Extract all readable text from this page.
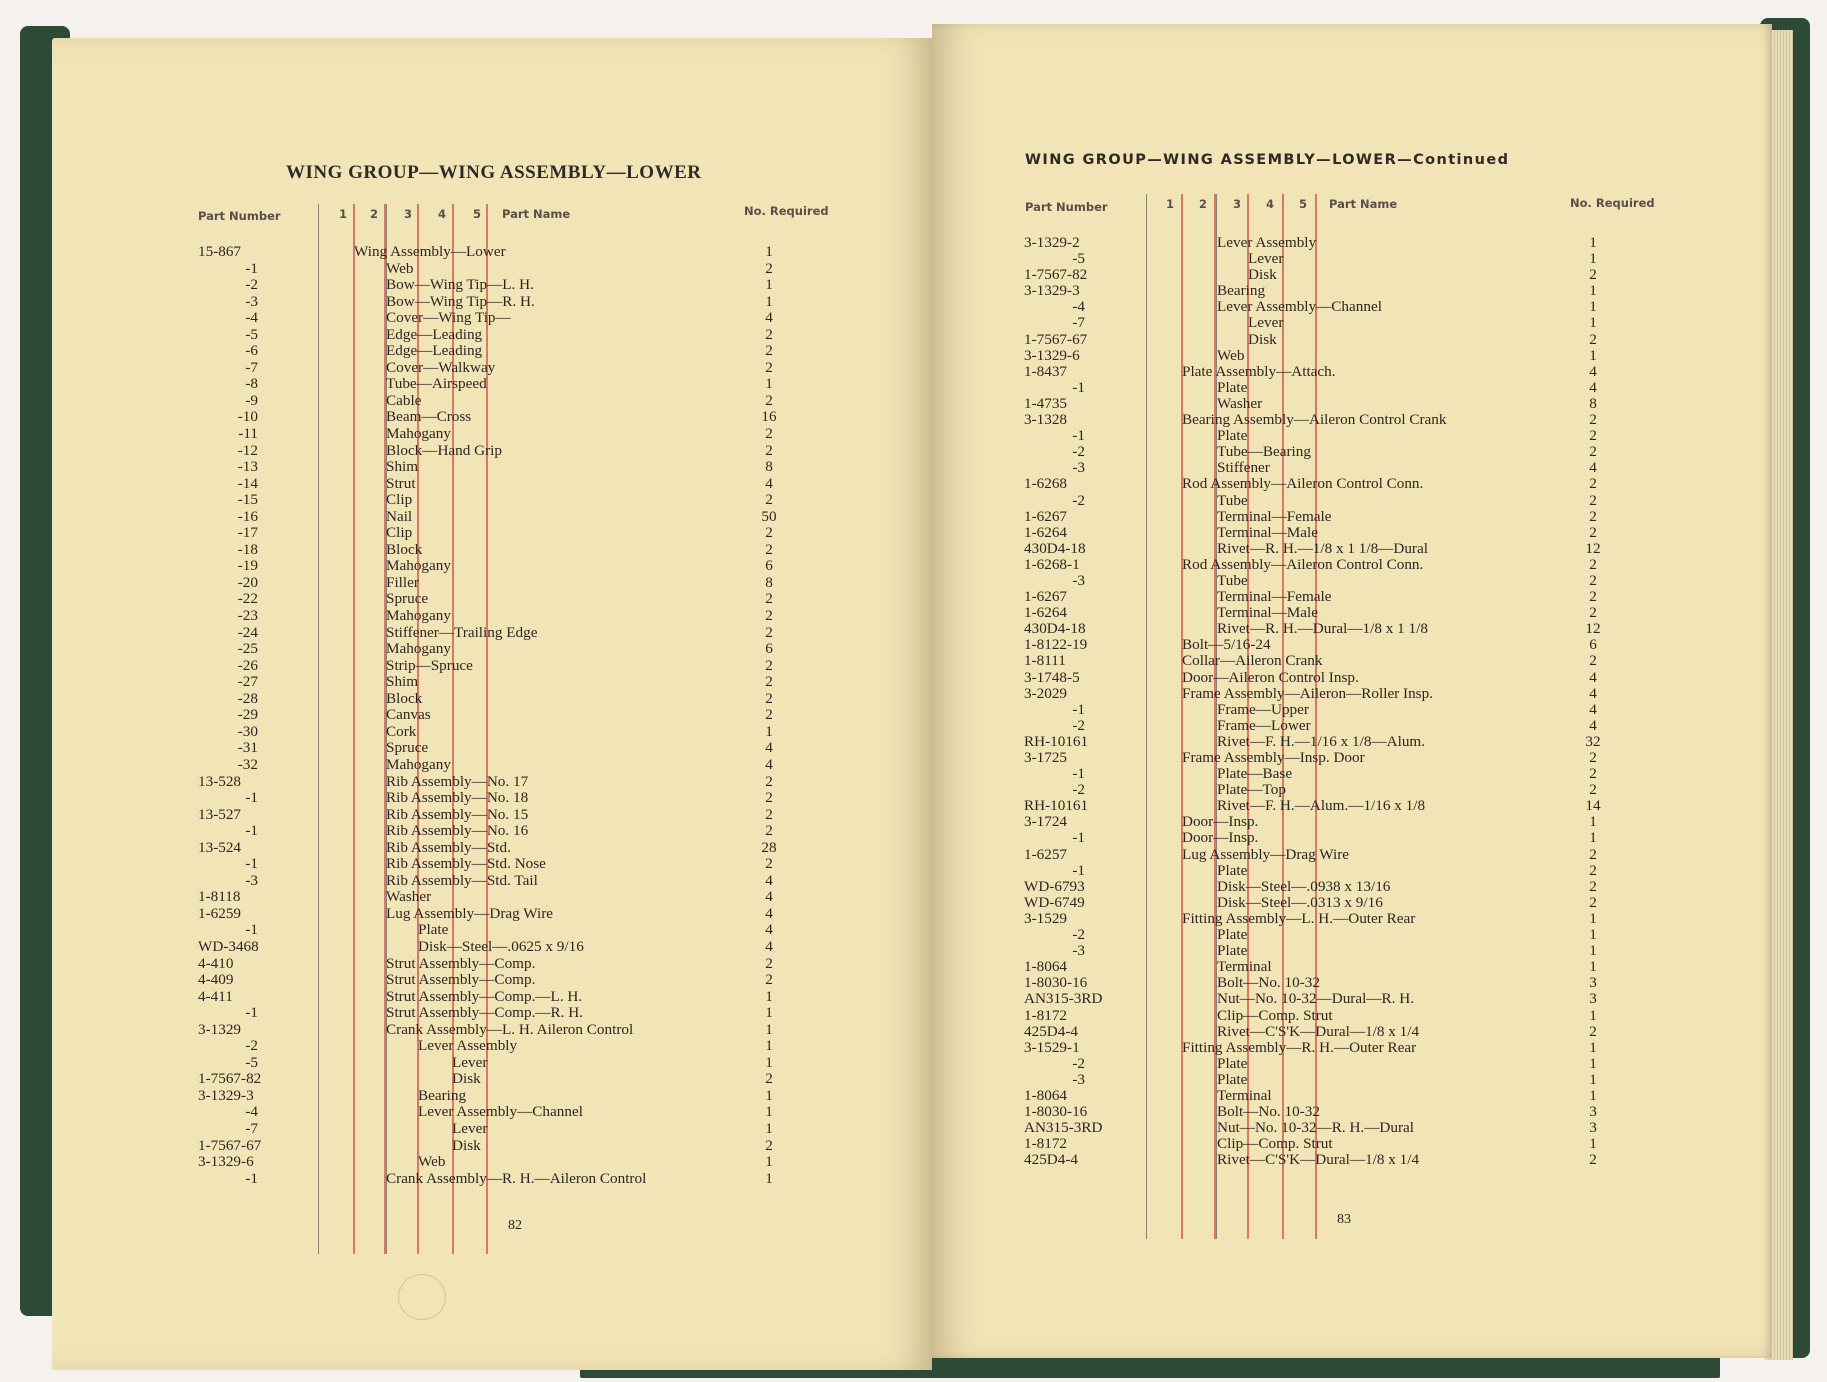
WING GROUP—WING ASSEMBLY—LOWER
Part Number	1 2 3 4 5 Part Name	No. Required
15-867	Wing Assembly—Lower	1
-1	Web	2
-2	Bow—Wing Tip—L. H.	1
-3	Bow—Wing Tip—R. H.	1
-4	Cover—Wing Tip—	4
-5	Edge—Leading	2
-6	Edge—Leading	2
-7	Cover—Walkway	2
-8	Tube—Airspeed	1
-9	Cable	2
-10	Beam—Cross	16
-11	Mahogany	2
-12	Block—Hand Grip	2
-13	Shim	8
-14	Strut	4
-15	Clip	2
-16	Nail	50
-17	Clip	2
-18	Block	2
-19	Mahogany	6
-20	Filler	8
-22	Spruce	2
-23	Mahogany	2
-24	Stiffener—Trailing Edge	2
-25	Mahogany	6
-26	Strip—Spruce	2
-27	Shim	2
-28	Block	2
-29	Canvas	2
-30	Cork	1
-31	Spruce	4
-32	Mahogany	4
13-528	Rib Assembly—No. 17	2
-1	Rib Assembly—No. 18	2
13-527	Rib Assembly—No. 15	2
-1	Rib Assembly—No. 16	2
13-524	Rib Assembly—Std.	28
-1	Rib Assembly—Std. Nose	2
-3	Rib Assembly—Std. Tail	4
1-8118	Washer	4
1-6259	Lug Assembly—Drag Wire	4
-1	Plate	4
WD-3468	Disk—Steel—.0625 x 9/16	4
4-410	Strut Assembly—Comp.	2
4-409	Strut Assembly—Comp.	2
4-411	Strut Assembly—Comp.—L. H.	1
-1	Strut Assembly—Comp.—R. H.	1
3-1329	Crank Assembly—L. H. Aileron Control	1
-2	Lever Assembly	1
-5	Lever	1
1-7567-82	Disk	2
3-1329-3	Bearing	1
-4	Lever Assembly—Channel	1
-7	Lever	1
1-7567-67	Disk	2
3-1329-6	Web	1
-1	Crank Assembly—R. H.—Aileron Control	1
82
WING GROUP—WING ASSEMBLY—LOWER—Continued
Part Number	1 2 3 4 5 Part Name	No. Required
3-1329-2	Lever Assembly	1
-5	Lever	1
1-7567-82	Disk	2
3-1329-3	Bearing	1
-4	Lever Assembly—Channel	1
-7	Lever	1
1-7567-67	Disk	2
3-1329-6	Web	1
1-8437	Plate Assembly—Attach.	4
-1	Plate	4
1-4735	Washer	8
3-1328	Bearing Assembly—Aileron Control Crank	2
-1	Plate	2
-2	Tube—Bearing	2
-3	Stiffener	4
1-6268	Rod Assembly—Aileron Control Conn.	2
-2	Tube	2
1-6267	Terminal—Female	2
1-6264	Terminal—Male	2
430D4-18	Rivet—R. H.—1/8 x 1 1/8—Dural	12
1-6268-1	Rod Assembly—Aileron Control Conn.	2
-3	Tube	2
1-6267	Terminal—Female	2
1-6264	Terminal—Male	2
430D4-18	Rivet—R. H.—Dural—1/8 x 1 1/8	12
1-8122-19	Bolt—5/16-24	6
1-8111	Collar—Aileron Crank	2
3-1748-5	Door—Aileron Control Insp.	4
3-2029	Frame Assembly—Aileron—Roller Insp.	4
-1	Frame—Upper	4
-2	Frame—Lower	4
RH-10161	Rivet—F. H.—1/16 x 1/8—Alum.	32
3-1725	Frame Assembly—Insp. Door	2
-1	Plate—Base	2
-2	Plate—Top	2
RH-10161	Rivet—F. H.—Alum.—1/16 x 1/8	14
3-1724	Door—Insp.	1
-1	Door—Insp.	1
1-6257	Lug Assembly—Drag Wire	2
-1	Plate	2
WD-6793	Disk—Steel—.0938 x 13/16	2
WD-6749	Disk—Steel—.0313 x 9/16	2
3-1529	Fitting Assembly—L. H.—Outer Rear	1
-2	Plate	1
-3	Plate	1
1-8064	Terminal	1
1-8030-16	Bolt—No. 10-32	3
AN315-3RD	Nut—No. 10-32—Dural—R. H.	3
1-8172	Clip—Comp. Strut	1
425D4-4	Rivet—C'S'K—Dural—1/8 x 1/4	2
3-1529-1	Fitting Assembly—R. H.—Outer Rear	1
-2	Plate	1
-3	Plate	1
1-8064	Terminal	1
1-8030-16	Bolt—No. 10-32	3
AN315-3RD	Nut—No. 10-32—R. H.—Dural	3
1-8172	Clip—Comp. Strut	1
425D4-4	Rivet—C'S'K—Dural—1/8 x 1/4	2
83
